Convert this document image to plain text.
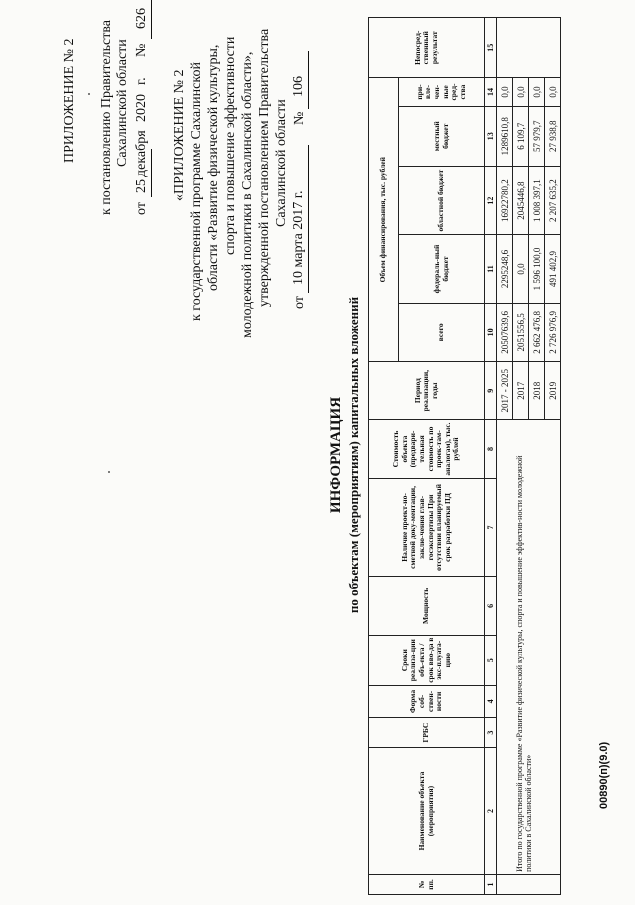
ПРИЛОЖЕНИЕ № 2 к постановлению Правительства Сахалинской области
от
25
декабря
2020
г.
№
626
«ПРИЛОЖЕНИЕ № 2 к государственной программе Сахалинской области «Развитие физической культуры, спорта и повышение эффективности молодежной политики в Сахалинской области», утвержденной постановлением Правительства Сахалинской области
от
10 марта 2017 г.
№
106
ИНФОРМАЦИЯ по объектам (мероприятиям) капитальных вложений
№ пп.	Наименование объекта (мероприятия)	ГРБС	Форма соб-ствен-ности	Сроки реализа-ции объ-екта / срок вво-да в экс-плуата-цию	Мощность	Наличие проект-но-сметной доку-ментации, заклю-чения глав-госэкспертизы При отсутствии планируемый срок разработки ПД	Стоимость объекта (предвари-тельная стоимость по проек-там-аналогам), тыс. рублей	Период реализации, годы	Объем финансирования, тыс. рублей					Непосред-ственный результат
									всего	федераль-ный бюджет	областной бюджет	местный бюджет	при-вле-чен-ные сред-ства	
1	2	3	4	5	6	7	8	9	10	11	12	13	14	15
	Итого по государственной программе «Развитие физической культуры, спорта и повышение эффектив-ности молодежной политики в Сахалинской области»							2017 - 2025	20507639,6	2295248,6	16922780,2	1289610,8	0,0	
								2017	2051556,5	0,0	2045446,8	6 109,7	0,0	
								2018	2 662 476,8	1 596 100,0	1 008 397,1	57 979,7	0,0	
								2019	2 726 976,9	491 402,9	2 207 635,2	27 938,8	0,0	
00890(п)(9.0)
